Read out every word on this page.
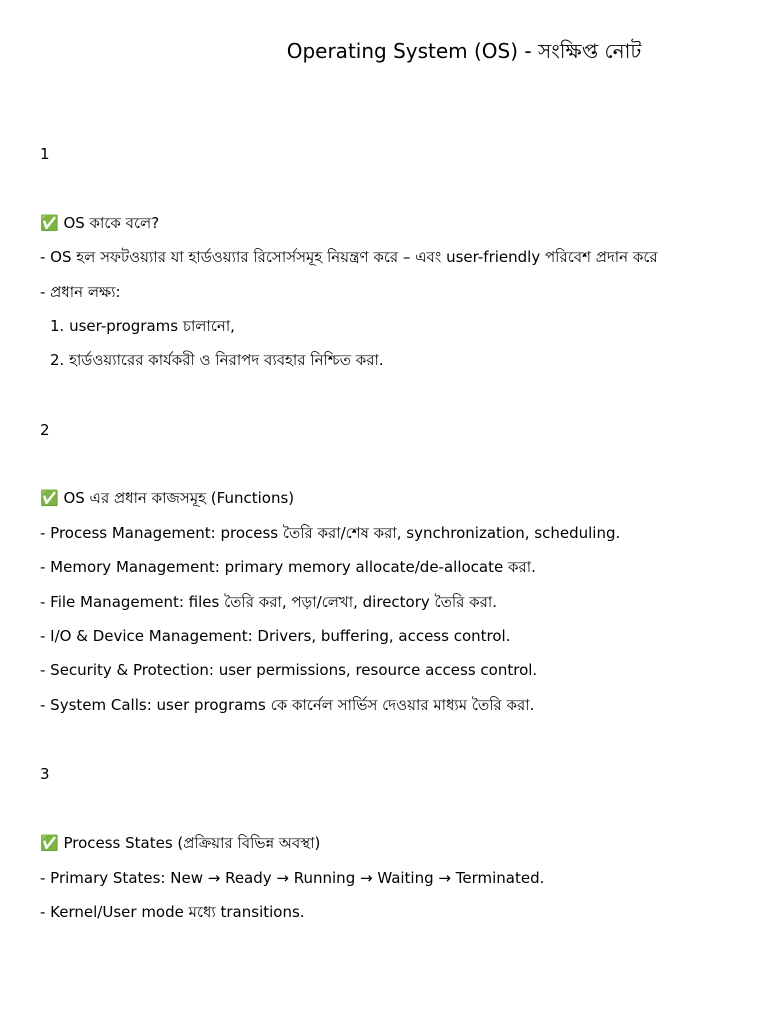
Operating System (OS) - সংক্ষিপ্ত নোট
1
✅ OS কাকে বলে?
- OS হল সফটওয়্যার যা হার্ডওয়্যার রিসোর্সসমূহ নিয়ন্ত্রণ করে – এবং user-friendly পরিবেশ প্রদান করে
- প্রধান লক্ষ্য:
1. user-programs চালানো,
2. হার্ডওয়্যারের কার্যকরী ও নিরাপদ ব্যবহার নিশ্চিত করা.
2
✅ OS এর প্রধান কাজসমূহ (Functions)
- Process Management: process তৈরি করা/শেষ করা, synchronization, scheduling.
- Memory Management: primary memory allocate/de-allocate করা.
- File Management: files তৈরি করা, পড়া/লেখা, directory তৈরি করা.
- I/O & Device Management: Drivers, buffering, access control.
- Security & Protection: user permissions, resource access control.
- System Calls: user programs কে কার্নেল সার্ভিস দেওয়ার মাধ্যম তৈরি করা.
3
✅ Process States (প্রক্রিয়ার বিভিন্ন অবস্থা)
- Primary States: New → Ready → Running → Waiting → Terminated.
- Kernel/User mode মধ্যে transitions.
